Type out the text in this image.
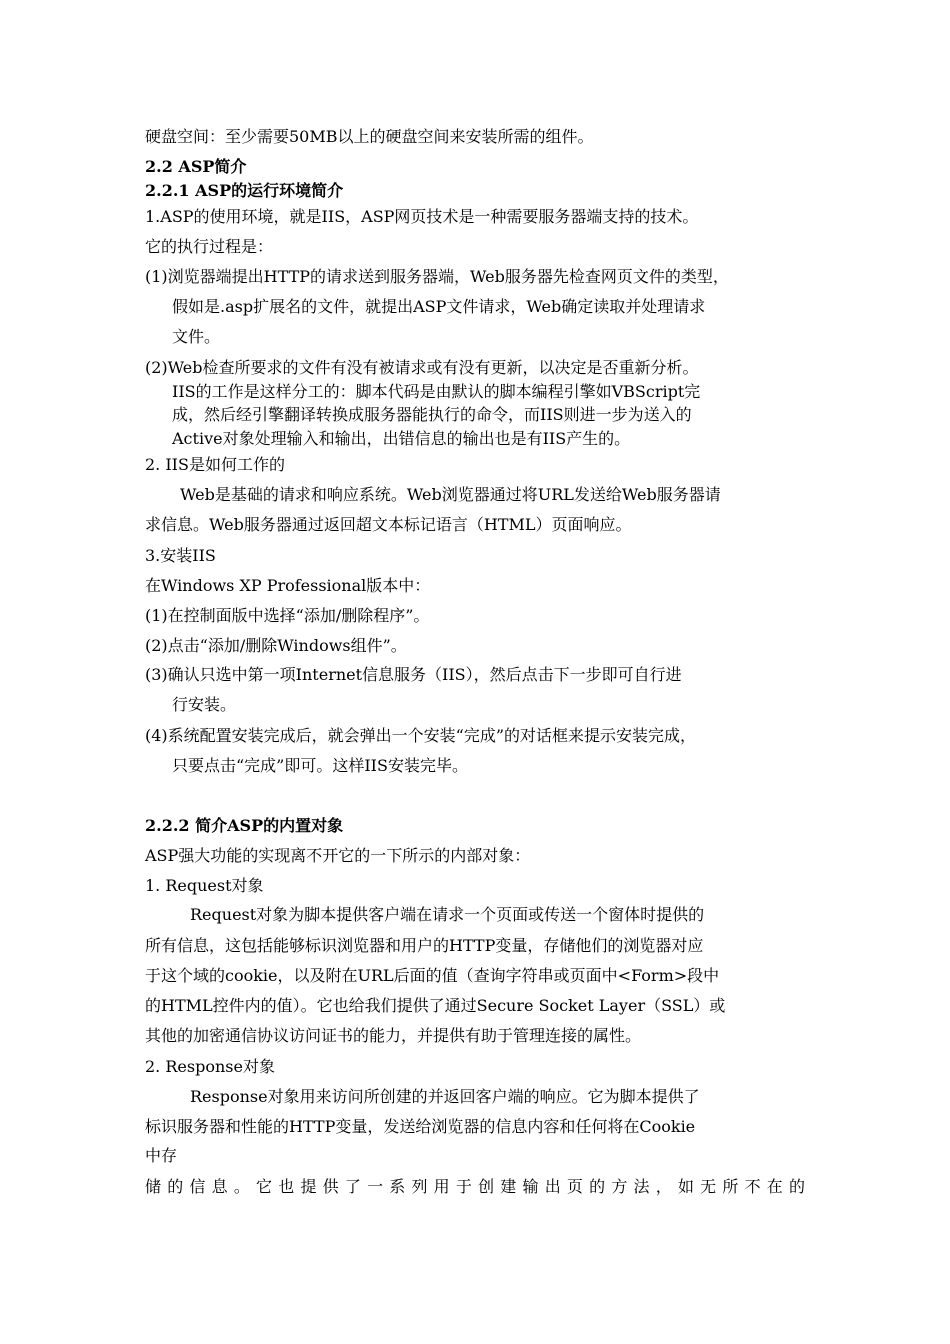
硬盘空间：至少需要50MB以上的硬盘空间来安装所需的组件。
2.2 ASP简介
2.2.1 ASP的运行环境简介
1.ASP的使用环境，就是IIS，ASP网页技术是一种需要服务器端支持的技术。
它的执行过程是：
(1)浏览器端提出HTTP的请求送到服务器端，Web服务器先检查网页文件的类型，
假如是.asp扩展名的文件，就提出ASP文件请求，Web确定读取并处理请求
文件。
(2)Web检查所要求的文件有没有被请求或有没有更新，以决定是否重新分析。
IIS的工作是这样分工的：脚本代码是由默认的脚本编程引擎如VBScript完
成，然后经引擎翻译转换成服务器能执行的命令，而IIS则进一步为送入的
Active对象处理输入和输出，出错信息的输出也是有IIS产生的。
2. IIS是如何工作的
Web是基础的请求和响应系统。Web浏览器通过将URL发送给Web服务器请
求信息。Web服务器通过返回超文本标记语言（HTML）页面响应。
3.安装IIS
在Windows XP Professional版本中：
(1)在控制面版中选择“添加/删除程序”。
(2)点击“添加/删除Windows组件”。
(3)确认只选中第一项Internet信息服务（IIS），然后点击下一步即可自行进
行安装。
(4)系统配置安装完成后，就会弹出一个安装“完成”的对话框来提示安装完成，
只要点击“完成”即可。这样IIS安装完毕。
2.2.2 简介ASP的内置对象
ASP强大功能的实现离不开它的一下所示的内部对象：
1. Request对象
Request对象为脚本提供客户端在请求一个页面或传送一个窗体时提供的
所有信息，这包括能够标识浏览器和用户的HTTP变量，存储他们的浏览器对应
于这个域的cookie，以及附在URL后面的值（查询字符串或页面中<Form>段中
的HTML控件内的值）。它也给我们提供了通过Secure Socket Layer（SSL）或
其他的加密通信协议访问证书的能力，并提供有助于管理连接的属性。
2. Response对象
Response对象用来访问所创建的并返回客户端的响应。它为脚本提供了
标识服务器和性能的HTTP变量，发送给浏览器的信息内容和任何将在Cookie
中存
储的信息。它也提供了一系列用于创建输出页的方法，如无所不在的
